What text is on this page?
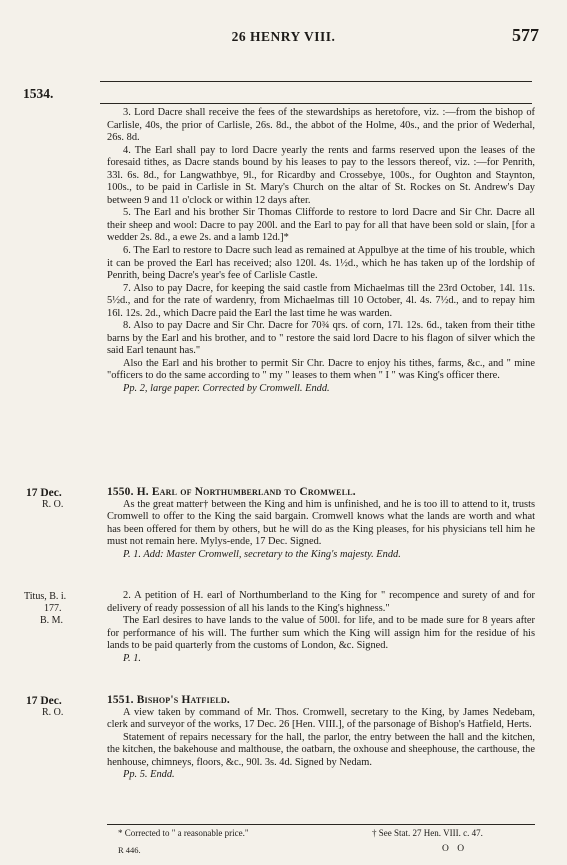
26 HENRY VIII.	577
1534.

3. Lord Dacre shall receive the fees of the stewardships as heretofore, viz. :—from the bishop of Carlisle, 40s, the prior of Carlisle, 26s. 8d., the abbot of the Holme, 40s., and the prior of Wederhal, 26s. 8d.

4. The Earl shall pay to lord Dacre yearly the rents and farms reserved upon the leases of the foresaid tithes, as Dacre stands bound by his leases to pay to the lessors thereof, viz. :—for Penrith, 33l. 6s. 8d., for Langwathbye, 9l., for Ricardby and Crossebye, 100s., for Oughton and Staynton, 100s., to be paid in Carlisle in St. Mary's Church on the altar of St. Rockes on St. Andrew's Day between 9 and 11 o'clock or within 12 days after.

5. The Earl and his brother Sir Thomas Clifforde to restore to lord Dacre and Sir Chr. Dacre all their sheep and wool: Dacre to pay 200l. and the Earl to pay for all that have been sold or slain, [for a wedder 2s. 8d., a ewe 2s. and a lamb 12d.]*

6. The Earl to restore to Dacre such lead as remained at Appulbye at the time of his trouble, which it can be proved the Earl has received; also 120l. 4s. 1½d., which he has taken up of the lordship of Penrith, being Dacre's year's fee of Carlisle Castle.

7. Also to pay Dacre, for keeping the said castle from Michaelmas till the 23rd October, 14l. 11s. 5½d., and for the rate of wardenry, from Michaelmas till 10 October, 4l. 4s. 7½d., and to repay him 16l. 12s. 2d., which Dacre paid the Earl the last time he was warden.

8. Also to pay Dacre and Sir Chr. Dacre for 70¾ qrs. of corn, 17l. 12s. 6d., taken from their tithe barns by the Earl and his brother, and to " restore the said lord Dacre to his flagon of silver which the said Earl tenaunt has."

Also the Earl and his brother to permit Sir Chr. Dacre to enjoy his tithes, farms, &c., and " mine "officers to do the same according to " my " leases to them when " I " was King's officer there.

Pp. 2, large paper. Corrected by Cromwell. Endd.

17 Dec.
R. O.

1550. H. Earl of Northumberland to Cromwell.

As the great matter† between the King and him is unfinished, and he is too ill to attend to it, trusts Cromwell to offer to the King the said bargain. Cromwell knows what the lands are worth and what has been offered for them by others, but he will do as the King pleases, for his physicians tell him he must not remain here. Mylys-ende, 17 Dec. Signed.

P. 1. Add: Master Cromwell, secretary to the King's majesty. Endd.

Titus, B. i.
177.
B. M.

2. A petition of H. earl of Northumberland to the King for " recompence and surety of and for delivery of ready possession of all his lands to the King's highness."

The Earl desires to have lands to the value of 500l. for life, and to be made sure for 8 years after for performance of his will. The further sum which the King will assign him for the residue of his lands to be paid quarterly from the customs of London, &c. Signed.

P. 1.

17 Dec.
R. O.

1551. Bishop's Hatfield.

A view taken by command of Mr. Thos. Cromwell, secretary to the King, by James Nedebam, clerk and surveyor of the works, 17 Dec. 26 [Hen. VIII.], of the parsonage of Bishop's Hatfield, Herts.

Statement of repairs necessary for the hall, the parlor, the entry between the hall and the kitchen, the kitchen, the bakehouse and malthouse, the oatbarn, the oxhouse and sheephouse, the carthouse, the henhouse, chimneys, floors, &c., 90l. 3s. 4d. Signed by Nedam.

Pp. 5. Endd.

* Corrected to " a reasonable price."	† See Stat. 27 Hen. VIII. c. 47.
R 446.	O O
